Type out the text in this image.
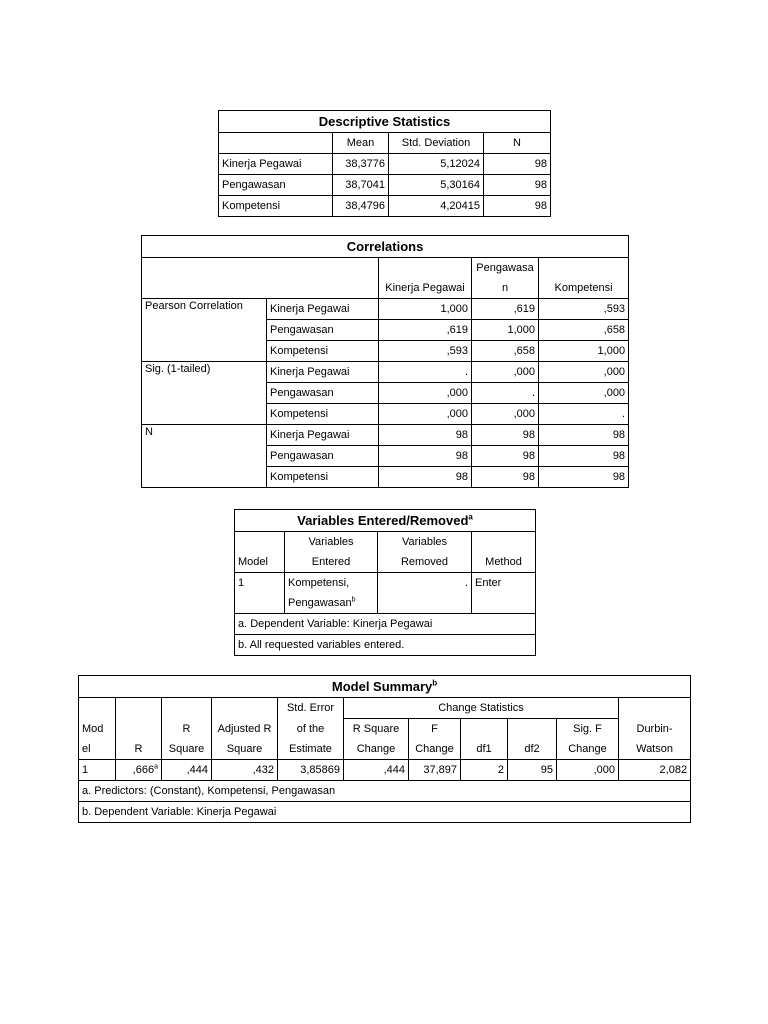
Descriptive Statistics			
	Mean	Std. Deviation	N
Kinerja Pegawai	38,3776	5,12024	98
Pengawasan	38,7041	5,30164	98
Kompetensi	38,4796	4,20415	98
Correlations				
			Pengawasa	
		Kinerja Pegawai	n	Kompetensi
Pearson Correlation	Kinerja Pegawai	1,000	,619	,593
	Pengawasan	,619	1,000	,658
	Kompetensi	,593	,658	1,000
Sig. (1-tailed)	Kinerja Pegawai	.	,000	,000
	Pengawasan	,000	.	,000
	Kompetensi	,000	,000	.
N	Kinerja Pegawai	98	98	98
	Pengawasan	98	98	98
	Kompetensi	98	98	98
Variables Entered/Removed$^a$
	Variables	Variables	
Model	Entered	Removed	Method
1	Kompetensi,	.	Enter
	Pengawasan$^b$	
a. Dependent Variable: Kinerja Pegawai			
b. All requested variables entered.			
Model Summary$^b$
				Std. Error	Change Statistics					
Mod		R	Adjusted R	of the	R Square	F			Sig. F	Durbin-
el	R	Square	Square	Estimate	Change	Change	df1	df2	Change	Watson
1	,666$^a$	,444	,432	3,85869	,444	37,897	2	95	,000	2,082
a. Predictors: (Constant), Kompetensi, Pengawasan										
b. Dependent Variable: Kinerja Pegawai										
